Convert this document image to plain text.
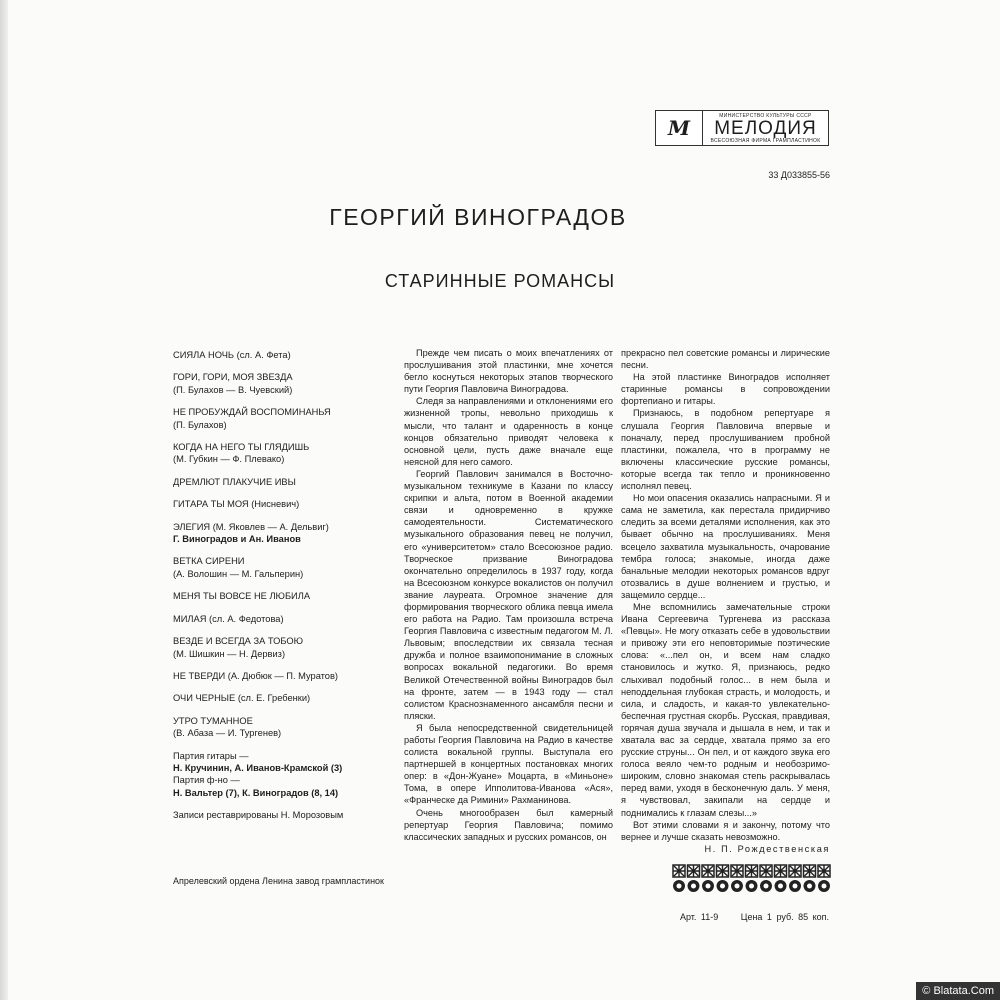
М
МИНИСТЕРСТВО КУЛЬТУРЫ СССР
МЕЛОДИЯ
ВСЕСОЮЗНАЯ ФИРМА ГРАМПЛАСТИНОК
33 Д033855-56
ГЕОРГИЙ ВИНОГРАДОВ
СТАРИННЫЕ РОМАНСЫ
СИЯЛА НОЧЬ (сл. А. Фета)
ГОРИ, ГОРИ, МОЯ ЗВЕЗДА
(П. Булахов — В. Чуевский)
НЕ ПРОБУЖДАЙ ВОСПОМИНАНЬЯ
(П. Булахов)
КОГДА НА НЕГО ТЫ ГЛЯДИШЬ
(М. Губкин — Ф. Плевако)
ДРЕМЛЮТ ПЛАКУЧИЕ ИВЫ
ГИТАРА ТЫ МОЯ (Нисневич)
ЭЛЕГИЯ (М. Яковлев — А. Дельвиг)
Г. Виноградов и Ан. Иванов
ВЕТКА СИРЕНИ
(А. Волошин — М. Гальперин)
МЕНЯ ТЫ ВОВСЕ НЕ ЛЮБИЛА
МИЛАЯ (сл. А. Федотова)
ВЕЗДЕ И ВСЕГДА ЗА ТОБОЮ
(М. Шишкин — Н. Дервиз)
НЕ ТВЕРДИ (А. Дюбюк — П. Муратов)
ОЧИ ЧЕРНЫЕ (сл. Е. Гребенки)
УТРО ТУМАННОЕ
(В. Абаза — И. Тургенев)
Партия гитары —
Н. Кручинин, А. Иванов-Крамской (3)
Партия ф-но —
Н. Вальтер (7), К. Виноградов (8, 14)
Записи реставрированы Н. Морозовым

Прежде чем писать о моих впечатлениях от прослушивания этой пластинки, мне хочется бегло коснуться некоторых этапов творческого пути Георгия Павловича Виноградова.

Следя за направлениями и отклонениями его жизненной тропы, невольно приходишь к мысли, что талант и одаренность в конце концов обязательно приводят человека к основной цели, пусть даже вначале еще неясной для него самого.

Георгий Павлович занимался в Восточно-музыкальном техникуме в Казани по классу скрипки и альта, потом в Военной академии связи и одновременно в кружке самодеятельности. Систематического музыкального образования певец не получил, его «университетом» стало Всесоюзное радио. Творческое призвание Виноградова окончательно определилось в 1937 году, когда на Всесоюзном конкурсе вокалистов он получил звание лауреата. Огромное значение для формирования творческого облика певца имела его работа на Радио. Там произошла встреча Георгия Павловича с известным педагогом М. Л. Львовым; впоследствии их связала тесная дружба и полное взаимопонимание в сложных вопросах вокальной педагогики. Во время Великой Отечественной войны Виноградов был на фронте, затем — в 1943 году — стал солистом Краснознаменного ансамбля песни и пляски.

Я была непосредственной свидетельницей работы Георгия Павловича на Радио в качестве солиста вокальной группы. Выступала его партнершей в концертных постановках многих опер: в «Дон-Жуане» Моцарта, в «Миньоне» Тома, в опере Ипполитова-Иванова «Ася», «Франческе да Римини» Рахманинова.

Очень многообразен был камерный репертуар Георгия Павловича; помимо классических западных и русских романсов, он

прекрасно пел советские романсы и лирические песни.

На этой пластинке Виноградов исполняет старинные романсы в сопровождении фортепиано и гитары.

Признаюсь, в подобном репертуаре я слушала Георгия Павловича впервые и поначалу, перед прослушиванием пробной пластинки, пожалела, что в программу не включены классические русские романсы, которые всегда так тепло и проникновенно исполнял певец.

Но мои опасения оказались напрасными. Я и сама не заметила, как перестала придирчиво следить за всеми деталями исполнения, как это бывает обычно на прослушиваниях. Меня всецело захватила музыкальность, очарование тембра голоса; знакомые, иногда даже банальные мелодии некоторых романсов вдруг отозвались в душе волнением и грустью, и защемило сердце...

Мне вспомнились замечательные строки Ивана Сергеевича Тургенева из рассказа «Певцы». Не могу отказать себе в удовольствии и привожу эти его неповторимые поэтические слова: «...пел он, и всем нам сладко становилось и жутко. Я, признаюсь, редко слыхивал подобный голос... в нем была и неподдельная глубокая страсть, и молодость, и сила, и сладость, и какая-то увлекательно-беспечная грустная скорбь. Русская, правдивая, горячая душа звучала и дышала в нем, и так и хватала вас за сердце, хватала прямо за его русские струны... Он пел, и от каждого звука его голоса веяло чем-то родным и необозримо-широким, словно знакомая степь раскрывалась перед вами, уходя в бесконечную даль. У меня, я чувствовал, закипали на сердце и поднимались к глазам слезы...»

Вот этими словами я и закончу, потому что вернее и лучше сказать невозможно.

Н. П. Рождественская

Апрелевский ордена Ленина завод грампластинок
Арт. 11-9	Цена 1 руб. 85 коп.
© Blatata.Com
